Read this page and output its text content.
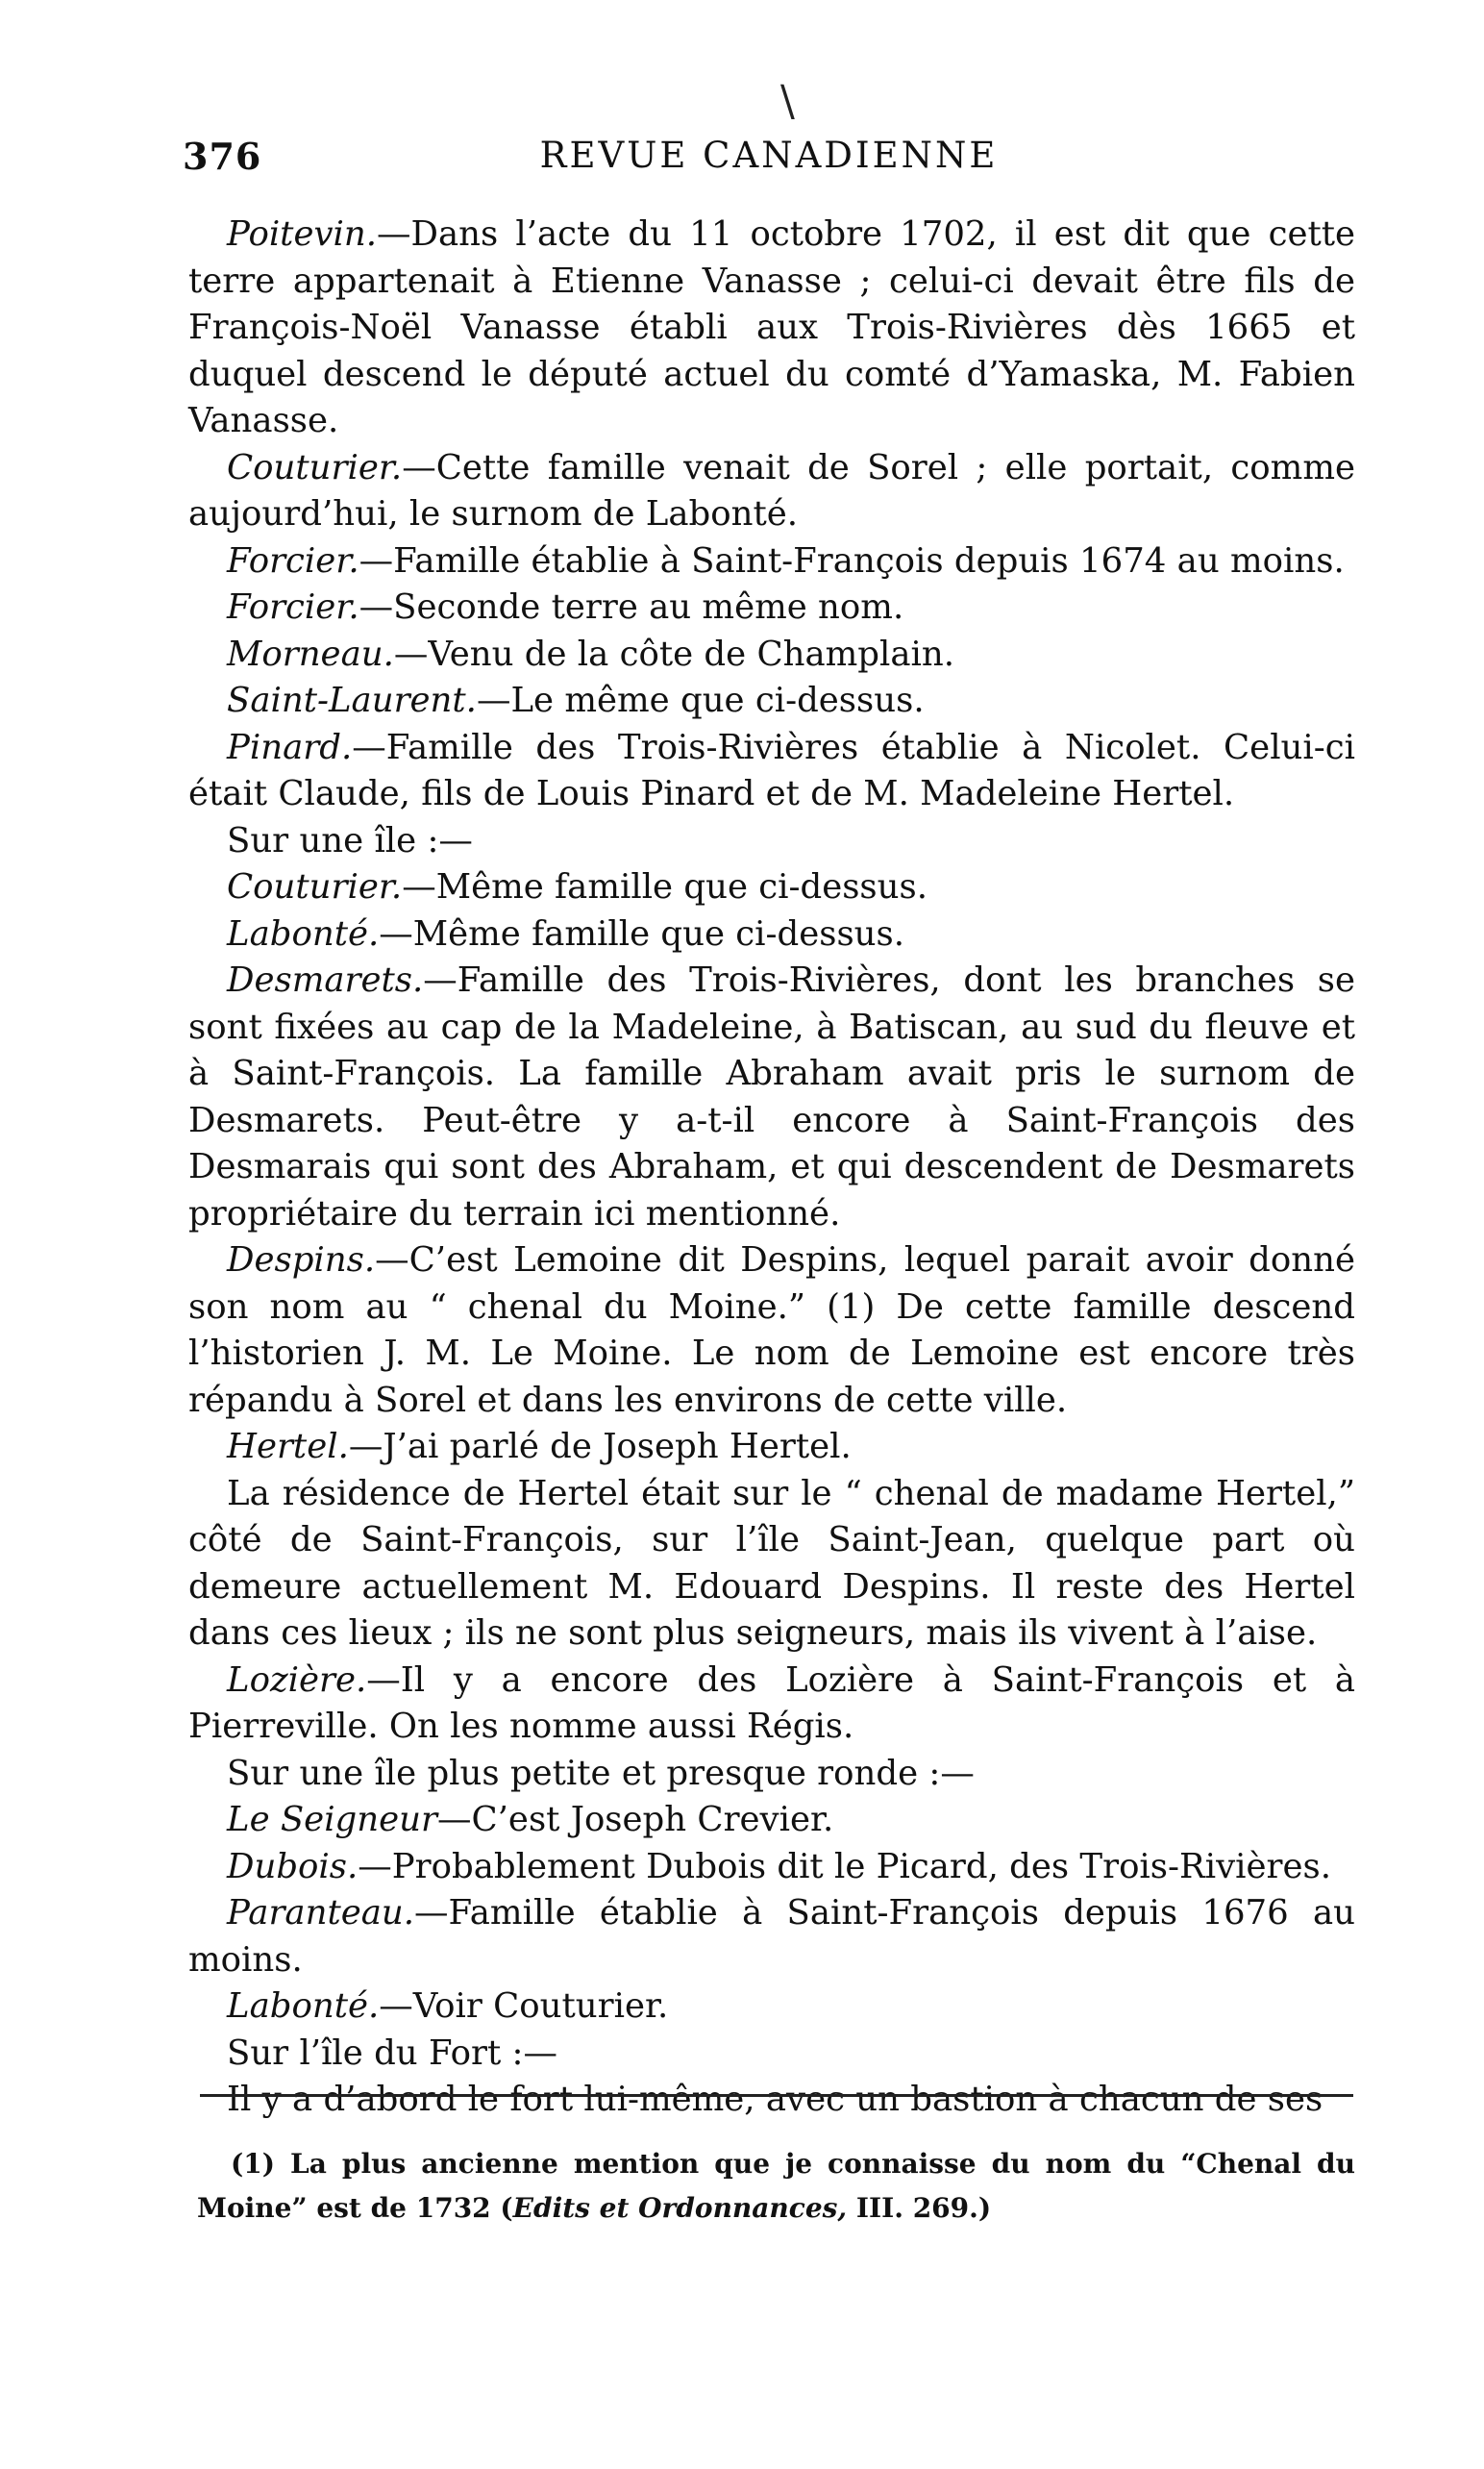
\
376	REVUE CANADIENNE

Poitevin.—Dans l’acte du 11 octobre 1702, il est dit que cette terre appartenait à Etienne Vanasse ; celui-ci devait être fils de François-Noël Vanasse établi aux Trois-Rivières dès 1665 et duquel descend le député actuel du comté d’Yamaska, M. Fabien Vanasse.

Couturier.—Cette famille venait de Sorel ; elle portait, comme aujourd’hui, le surnom de Labonté.

Forcier.—Famille établie à Saint-François depuis 1674 au moins.

Forcier.—Seconde terre au même nom.

Morneau.—Venu de la côte de Champlain.

Saint-Laurent.—Le même que ci-dessus.

Pinard.—Famille des Trois-Rivières établie à Nicolet. Celui-ci était Claude, fils de Louis Pinard et de M. Madeleine Hertel.

Sur une île :—

Couturier.—Même famille que ci-dessus.

Labonté.—Même famille que ci-dessus.

Desmarets.—Famille des Trois-Rivières, dont les branches se sont fixées au cap de la Madeleine, à Batiscan, au sud du fleuve et à Saint-François. La famille Abraham avait pris le surnom de Desmarets. Peut-être y a-t-il encore à Saint-François des Desmarais qui sont des Abraham, et qui descendent de Desmarets propriétaire du terrain ici mentionné.

Despins.—C’est Lemoine dit Despins, lequel parait avoir donné son nom au “ chenal du Moine.” (1) De cette famille descend l’historien J. M. Le Moine. Le nom de Lemoine est encore très répandu à Sorel et dans les environs de cette ville.

Hertel.—J’ai parlé de Joseph Hertel.

La résidence de Hertel était sur le “ chenal de madame Hertel,” côté de Saint-François, sur l’île Saint-Jean, quelque part où demeure actuellement M. Edouard Despins. Il reste des Hertel dans ces lieux ; ils ne sont plus seigneurs, mais ils vivent à l’aise.

Lozière.—Il y a encore des Lozière à Saint-François et à Pierreville. On les nomme aussi Régis.

Sur une île plus petite et presque ronde :—

Le Seigneur—C’est Joseph Crevier.

Dubois.—Probablement Dubois dit le Picard, des Trois-Rivières.

Paranteau.—Famille établie à Saint-François depuis 1676 au moins.

Labonté.—Voir Couturier.

Sur l’île du Fort :—

Il y a d’abord le fort lui-même, avec un bastion à chacun de ses

(1) La plus ancienne mention que je connaisse du nom du “Chenal du Moine” est de 1732 (Edits et Ordonnances, III. 269.)
